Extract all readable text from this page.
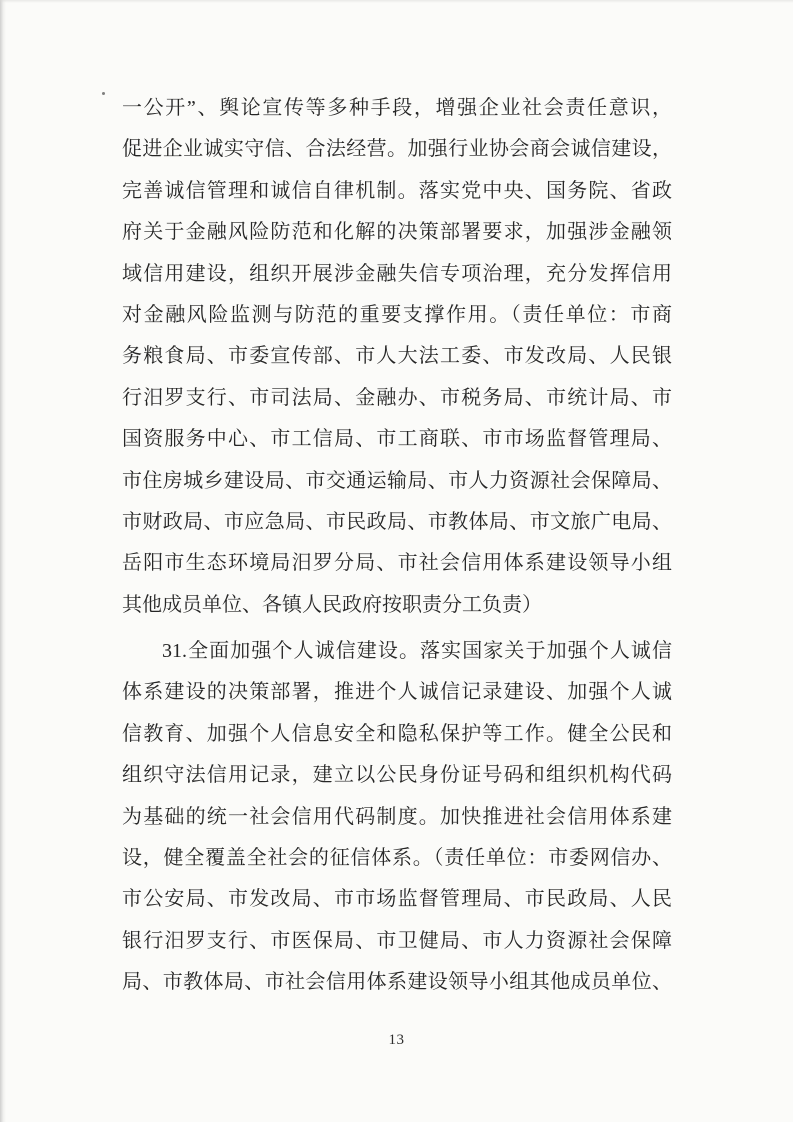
一公开”、舆论宣传等多种手段，增强企业社会责任意识，
促进企业诚实守信、合法经营。加强行业协会商会诚信建设，
完善诚信管理和诚信自律机制。落实党中央、国务院、省政
府关于金融风险防范和化解的决策部署要求，加强涉金融领
域信用建设，组织开展涉金融失信专项治理，充分发挥信用
对金融风险监测与防范的重要支撑作用。（责任单位：市商
务粮食局、市委宣传部、市人大法工委、市发改局、人民银
行汨罗支行、市司法局、金融办、市税务局、市统计局、市
国资服务中心、市工信局、市工商联、市市场监督管理局、
市住房城乡建设局、市交通运输局、市人力资源社会保障局、
市财政局、市应急局、市民政局、市教体局、市文旅广电局、
岳阳市生态环境局汨罗分局、市社会信用体系建设领导小组
其他成员单位、各镇人民政府按职责分工负责）
31.全面加强个人诚信建设。落实国家关于加强个人诚信
体系建设的决策部署，推进个人诚信记录建设、加强个人诚
信教育、加强个人信息安全和隐私保护等工作。健全公民和
组织守法信用记录，建立以公民身份证号码和组织机构代码
为基础的统一社会信用代码制度。加快推进社会信用体系建
设，健全覆盖全社会的征信体系。（责任单位：市委网信办、
市公安局、市发改局、市市场监督管理局、市民政局、人民
银行汨罗支行、市医保局、市卫健局、市人力资源社会保障
局、市教体局、市社会信用体系建设领导小组其他成员单位、
13
